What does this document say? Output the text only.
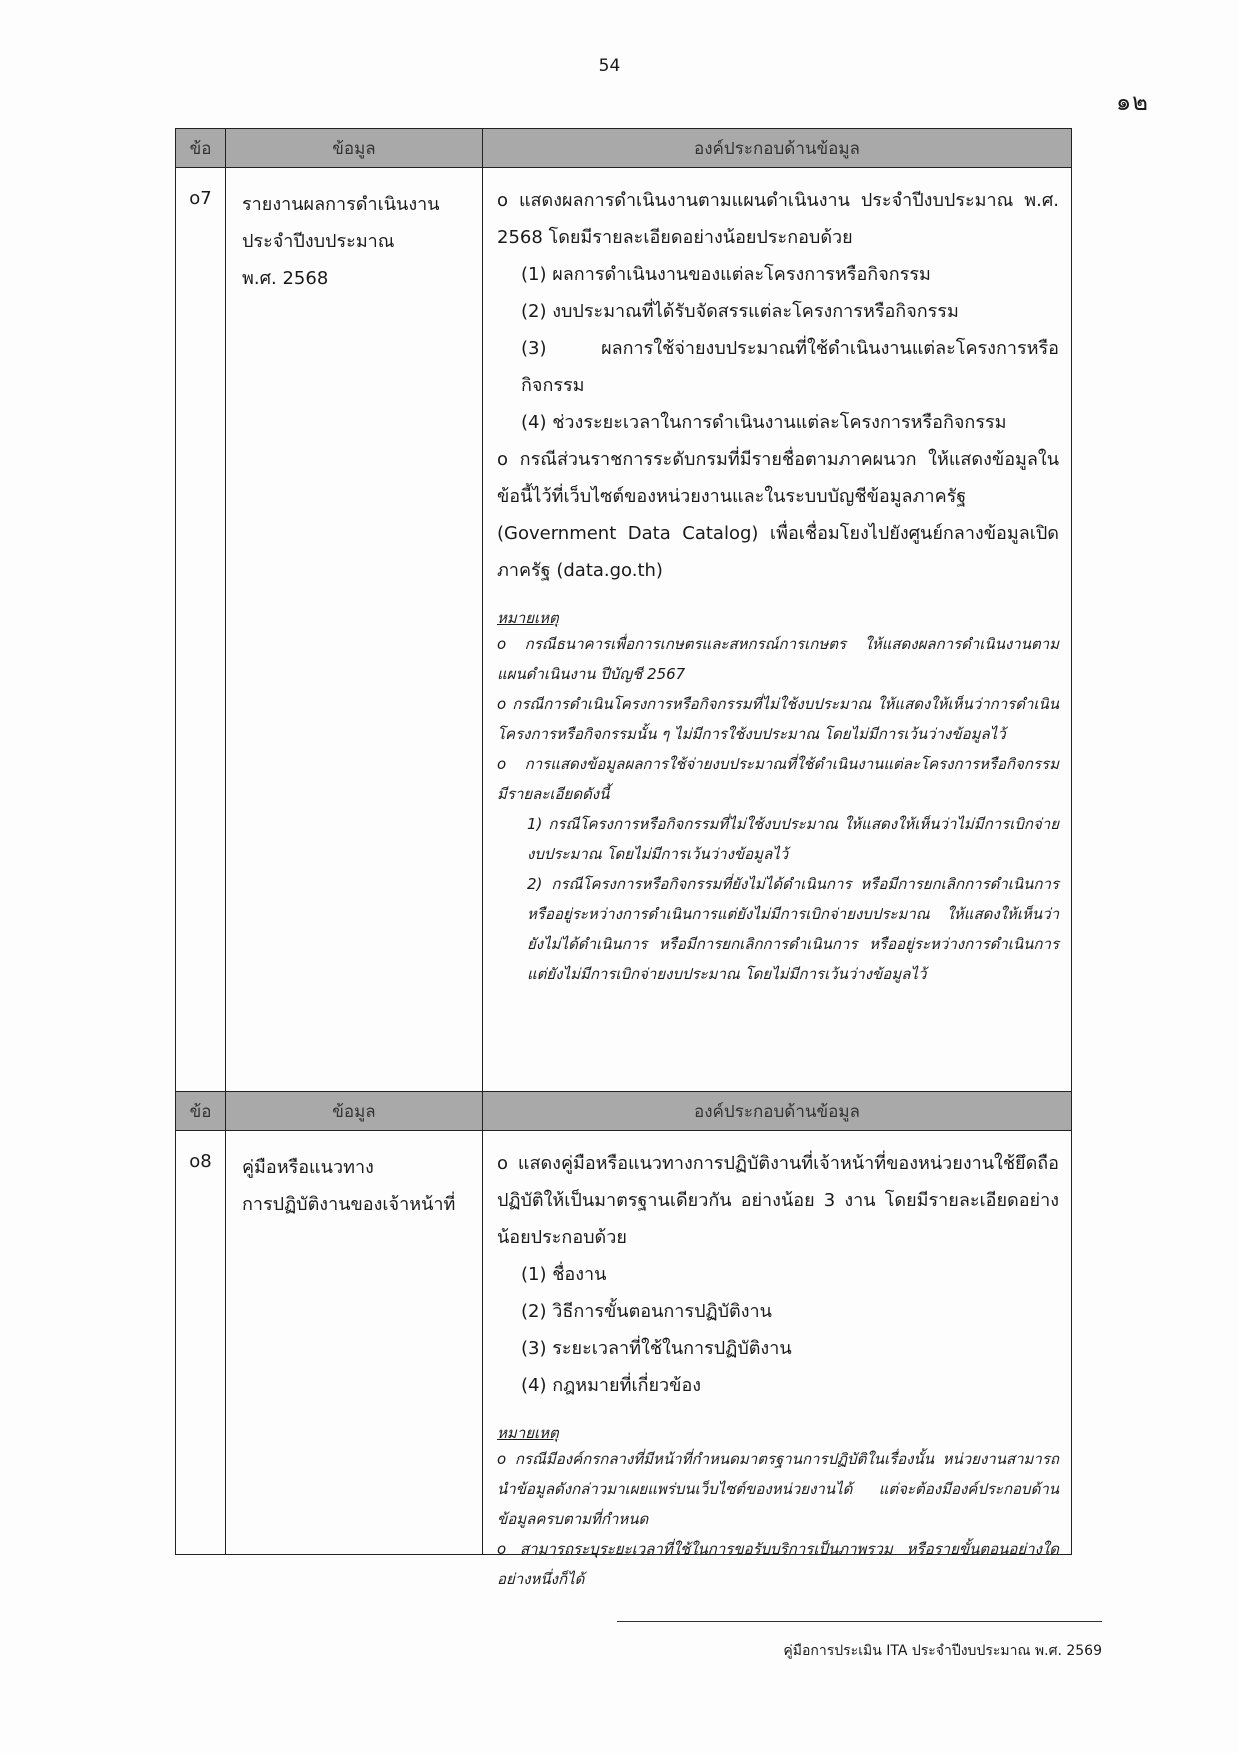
54
๑๒
ข้อ	ข้อมูล	องค์ประกอบด้านข้อมูล
o7	รายงานผลการดำเนินงาน
ประจำปีงบประมาณ
พ.ศ. 2568

o แสดงผลการดำเนินงานตามแผนดำเนินงาน ประจำปีงบประมาณ พ.ศ. 2568 โดยมีรายละเอียดอย่างน้อยประกอบด้วย

(1) ผลการดำเนินงานของแต่ละโครงการหรือกิจกรรม

(2) งบประมาณที่ได้รับจัดสรรแต่ละโครงการหรือกิจกรรม

(3) ผลการใช้จ่ายงบประมาณที่ใช้ดำเนินงานแต่ละโครงการหรือกิจกรรม

(4) ช่วงระยะเวลาในการดำเนินงานแต่ละโครงการหรือกิจกรรม

o กรณีส่วนราชการระดับกรมที่มีรายชื่อตามภาคผนวก ให้แสดงข้อมูลในข้อนี้ไว้ที่เว็บไซต์ของหน่วยงานและในระบบบัญชีข้อมูลภาครัฐ (Government Data Catalog) เพื่อเชื่อมโยงไปยังศูนย์กลางข้อมูลเปิดภาครัฐ (data.go.th)

หมายเหตุ
o กรณีธนาคารเพื่อการเกษตรและสหกรณ์การเกษตร ให้แสดงผลการดำเนินงานตามแผนดำเนินงาน ปีบัญชี 2567
o กรณีการดำเนินโครงการหรือกิจกรรมที่ไม่ใช้งบประมาณ ให้แสดงให้เห็นว่าการดำเนินโครงการหรือกิจกรรมนั้น ๆ ไม่มีการใช้งบประมาณ โดยไม่มีการเว้นว่างข้อมูลไว้
o การแสดงข้อมูลผลการใช้จ่ายงบประมาณที่ใช้ดำเนินงานแต่ละโครงการหรือกิจกรรม มีรายละเอียดดังนี้
1) กรณีโครงการหรือกิจกรรมที่ไม่ใช้งบประมาณ ให้แสดงให้เห็นว่าไม่มีการเบิกจ่ายงบประมาณ โดยไม่มีการเว้นว่างข้อมูลไว้
2) กรณีโครงการหรือกิจกรรมที่ยังไม่ได้ดำเนินการ หรือมีการยกเลิกการดำเนินการ หรืออยู่ระหว่างการดำเนินการแต่ยังไม่มีการเบิกจ่ายงบประมาณ ให้แสดงให้เห็นว่ายังไม่ได้ดำเนินการ หรือมีการยกเลิกการดำเนินการ หรืออยู่ระหว่างการดำเนินการแต่ยังไม่มีการเบิกจ่ายงบประมาณ โดยไม่มีการเว้นว่างข้อมูลไว้
ข้อ	ข้อมูล	องค์ประกอบด้านข้อมูล
o8	คู่มือหรือแนวทาง
การปฏิบัติงานของเจ้าหน้าที่

o แสดงคู่มือหรือแนวทางการปฏิบัติงานที่เจ้าหน้าที่ของหน่วยงานใช้ยึดถือปฏิบัติให้เป็นมาตรฐานเดียวกัน อย่างน้อย 3 งาน โดยมีรายละเอียดอย่างน้อยประกอบด้วย

(1) ชื่องาน

(2) วิธีการขั้นตอนการปฏิบัติงาน

(3) ระยะเวลาที่ใช้ในการปฏิบัติงาน

(4) กฎหมายที่เกี่ยวข้อง

หมายเหตุ
o กรณีมีองค์กรกลางที่มีหน้าที่กำหนดมาตรฐานการปฏิบัติในเรื่องนั้น หน่วยงานสามารถนำข้อมูลดังกล่าวมาเผยแพร่บนเว็บไซต์ของหน่วยงานได้ แต่จะต้องมีองค์ประกอบด้านข้อมูลครบตามที่กำหนด
o สามารถระบุระยะเวลาที่ใช้ในการขอรับบริการเป็นภาพรวม หรือรายขั้นตอนอย่างใดอย่างหนึ่งก็ได้
คู่มือการประเมิน ITA ประจำปีงบประมาณ พ.ศ. 2569
